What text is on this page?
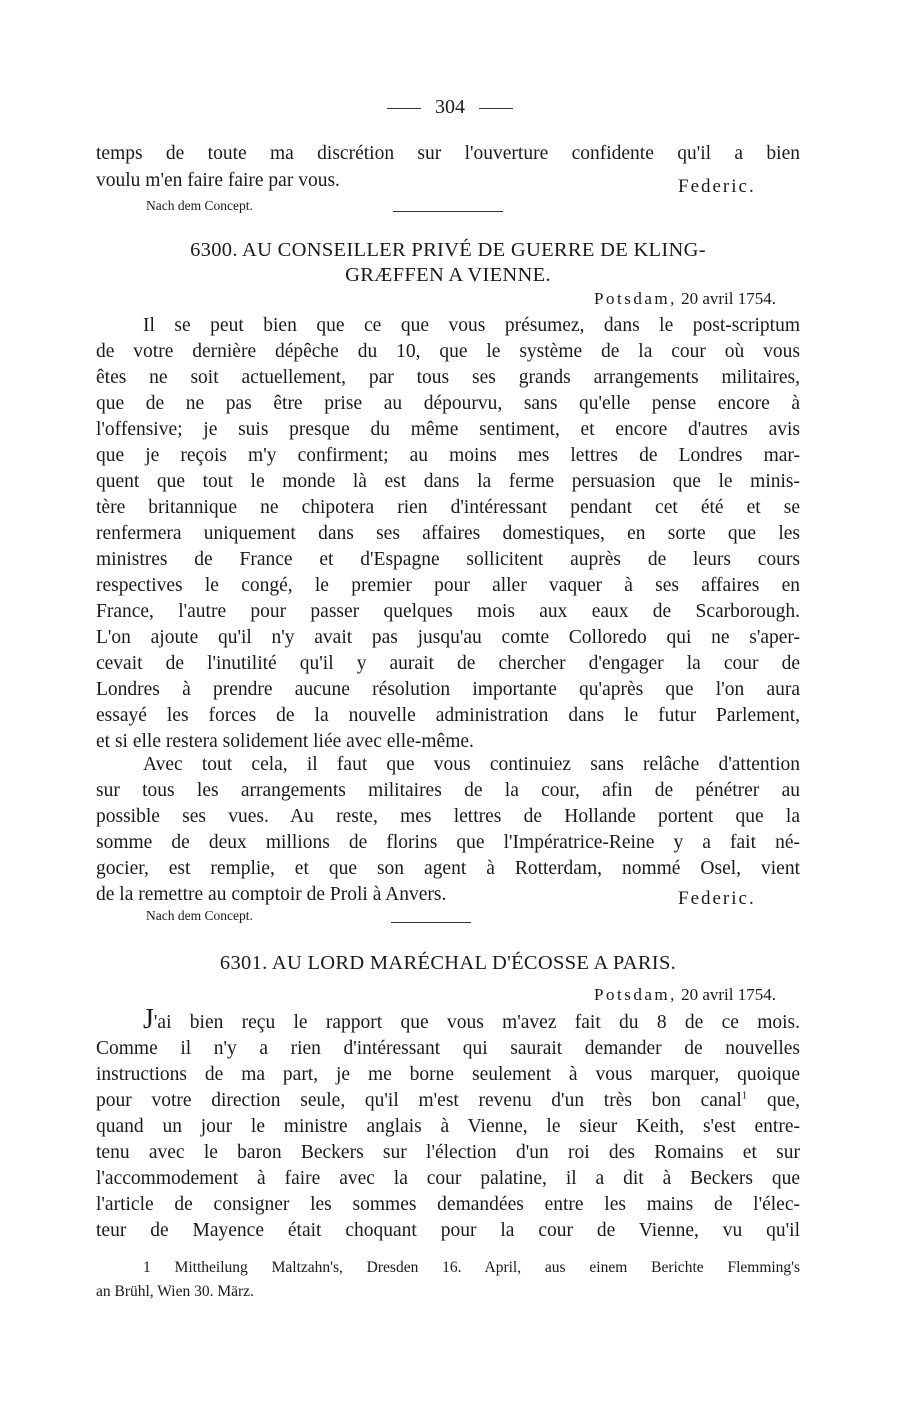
304
temps de toute ma discrétion sur l'ouverture confidente qu'il a bien
voulu m'en faire faire par vous.	Federic.
Nach dem Concept.
6300. AU CONSEILLER PRIVÉ DE GUERRE DE KLING-
GRÆFFEN A VIENNE.
Potsdam, 20 avril 1754.
Il se peut bien que ce que vous présumez, dans le post-scriptum
de votre dernière dépêche du 10, que le système de la cour où vous
êtes ne soit actuellement, par tous ses grands arrangements militaires,
que de ne pas être prise au dépourvu, sans qu'elle pense encore à
l'offensive; je suis presque du même sentiment, et encore d'autres avis
que je reçois m'y confirment; au moins mes lettres de Londres mar-
quent que tout le monde là est dans la ferme persuasion que le minis-
tère britannique ne chipotera rien d'intéressant pendant cet été et se
renfermera uniquement dans ses affaires domestiques, en sorte que les
ministres de France et d'Espagne sollicitent auprès de leurs cours
respectives le congé, le premier pour aller vaquer à ses affaires en
France, l'autre pour passer quelques mois aux eaux de Scarborough.
L'on ajoute qu'il n'y avait pas jusqu'au comte Colloredo qui ne s'aper-
cevait de l'inutilité qu'il y aurait de chercher d'engager la cour de
Londres à prendre aucune résolution importante qu'après que l'on aura
essayé les forces de la nouvelle administration dans le futur Parlement,
et si elle restera solidement liée avec elle-même.
Avec tout cela, il faut que vous continuiez sans relâche d'attention
sur tous les arrangements militaires de la cour, afin de pénétrer au
possible ses vues. Au reste, mes lettres de Hollande portent que la
somme de deux millions de florins que l'Impératrice-Reine y a fait né-
gocier, est remplie, et que son agent à Rotterdam, nommé Osel, vient
de la remettre au comptoir de Proli à Anvers.	Federic.
Nach dem Concept.
6301. AU LORD MARÉCHAL D'ÉCOSSE A PARIS.
Potsdam, 20 avril 1754.
J'ai bien reçu le rapport que vous m'avez fait du 8 de ce mois.
Comme il n'y a rien d'intéressant qui saurait demander de nouvelles
instructions de ma part, je me borne seulement à vous marquer, quoique
pour votre direction seule, qu'il m'est revenu d'un très bon canal$^1$ que,
quand un jour le ministre anglais à Vienne, le sieur Keith, s'est entre-
tenu avec le baron Beckers sur l'élection d'un roi des Romains et sur
l'accommodement à faire avec la cour palatine, il a dit à Beckers que
l'article de consigner les sommes demandées entre les mains de l'élec-
teur de Mayence était choquant pour la cour de Vienne, vu qu'il
1 Mittheilung Maltzahn's, Dresden 16. April, aus einem Berichte Flemming's
an Brühl, Wien 30. März.
